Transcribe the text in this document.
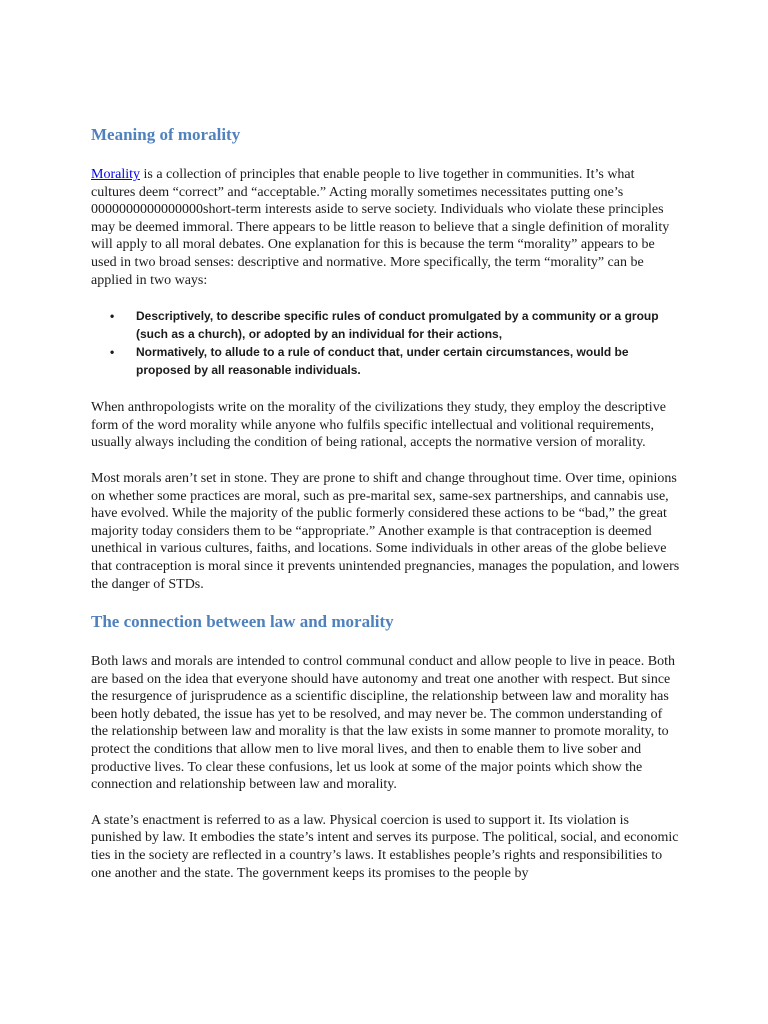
Meaning of morality

Morality is a collection of principles that enable people to live together in communities. It’s what cultures deem “correct” and “acceptable.” Acting morally sometimes necessitates putting one’s 0000000000000000short-term interests aside to serve society. Individuals who violate these principles may be deemed immoral. There appears to be little reason to believe that a single definition of morality will apply to all moral debates. One explanation for this is because the term “morality” appears to be used in two broad senses: descriptive and normative. More specifically, the term “morality” can be applied in two ways:

• Descriptively, to describe specific rules of conduct promulgated by a community or a group (such as a church), or adopted by an individual for their actions,
• Normatively, to allude to a rule of conduct that, under certain circumstances, would be proposed by all reasonable individuals.

When anthropologists write on the morality of the civilizations they study, they employ the descriptive form of the word morality while anyone who fulfils specific intellectual and volitional requirements, usually always including the condition of being rational, accepts the normative version of morality.

Most morals aren’t set in stone. They are prone to shift and change throughout time. Over time, opinions on whether some practices are moral, such as pre-marital sex, same-sex partnerships, and cannabis use, have evolved. While the majority of the public formerly considered these actions to be “bad,” the great majority today considers them to be “appropriate.” Another example is that contraception is deemed unethical in various cultures, faiths, and locations. Some individuals in other areas of the globe believe that contraception is moral since it prevents unintended pregnancies, manages the population, and lowers the danger of STDs.

The connection between law and morality

Both laws and morals are intended to control communal conduct and allow people to live in peace. Both are based on the idea that everyone should have autonomy and treat one another with respect. But since the resurgence of jurisprudence as a scientific discipline, the relationship between law and morality has been hotly debated, the issue has yet to be resolved, and may never be. The common understanding of the relationship between law and morality is that the law exists in some manner to promote morality, to protect the conditions that allow men to live moral lives, and then to enable them to live sober and productive lives. To clear these confusions, let us look at some of the major points which show the connection and relationship between law and morality.

A state’s enactment is referred to as a law. Physical coercion is used to support it. Its violation is punished by law. It embodies the state’s intent and serves its purpose. The political, social, and economic ties in the society are reflected in a country’s laws. It establishes people’s rights and responsibilities to one another and the state. The government keeps its promises to the people by
